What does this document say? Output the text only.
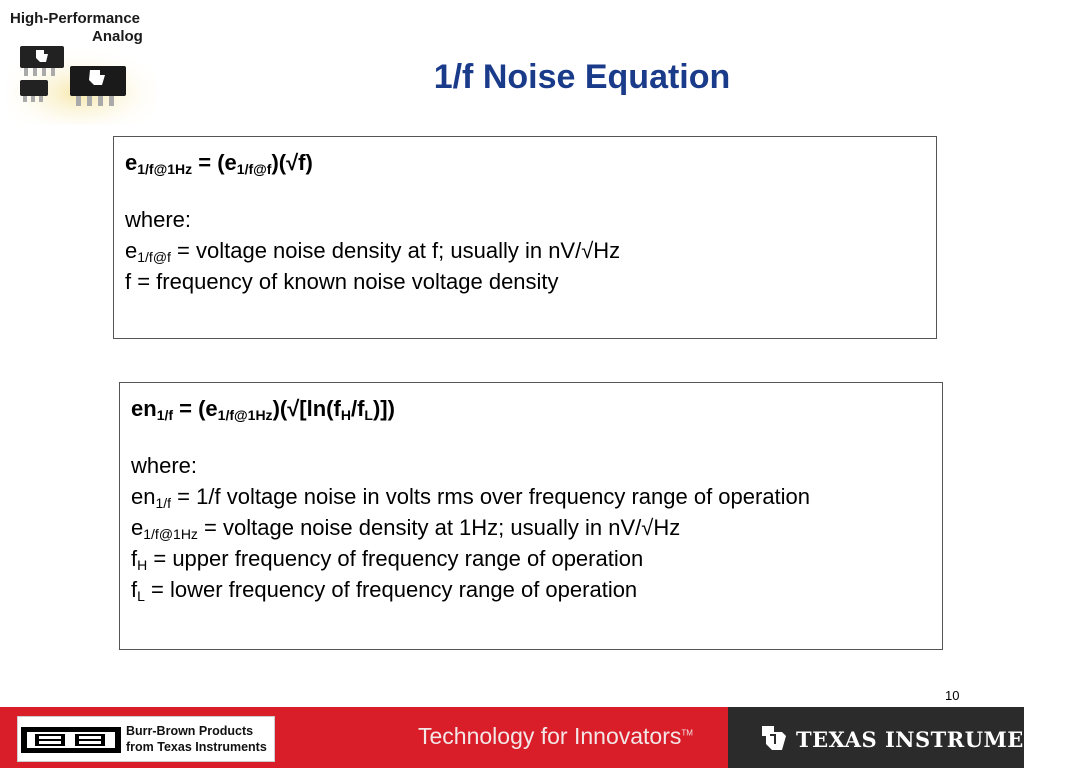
High-Performance
Analog
1/f Noise Equation
$e_{1/f@1Hz} = (e_{1/f@f})(√f)$
where:
$e_{1/f@f}$ = voltage noise density at f; usually in nV/√Hz
f = frequency of known noise voltage density
$en_{1/f} = (e_{1/f@1Hz})(√[\ln(f_H/f_L)])$
where:
$en_{1/f} = 1/f$ voltage noise in volts rms over frequency range of operation
$e_{1/f@1Hz}$ = voltage noise density at 1Hz; usually in nV/√Hz
$f_H$ = upper frequency of frequency range of operation
$f_L$ = lower frequency of frequency range of operation
10
Burr-Brown Products
from Texas Instruments	Technology for Innovators™	TEXAS INSTRUMENTS
